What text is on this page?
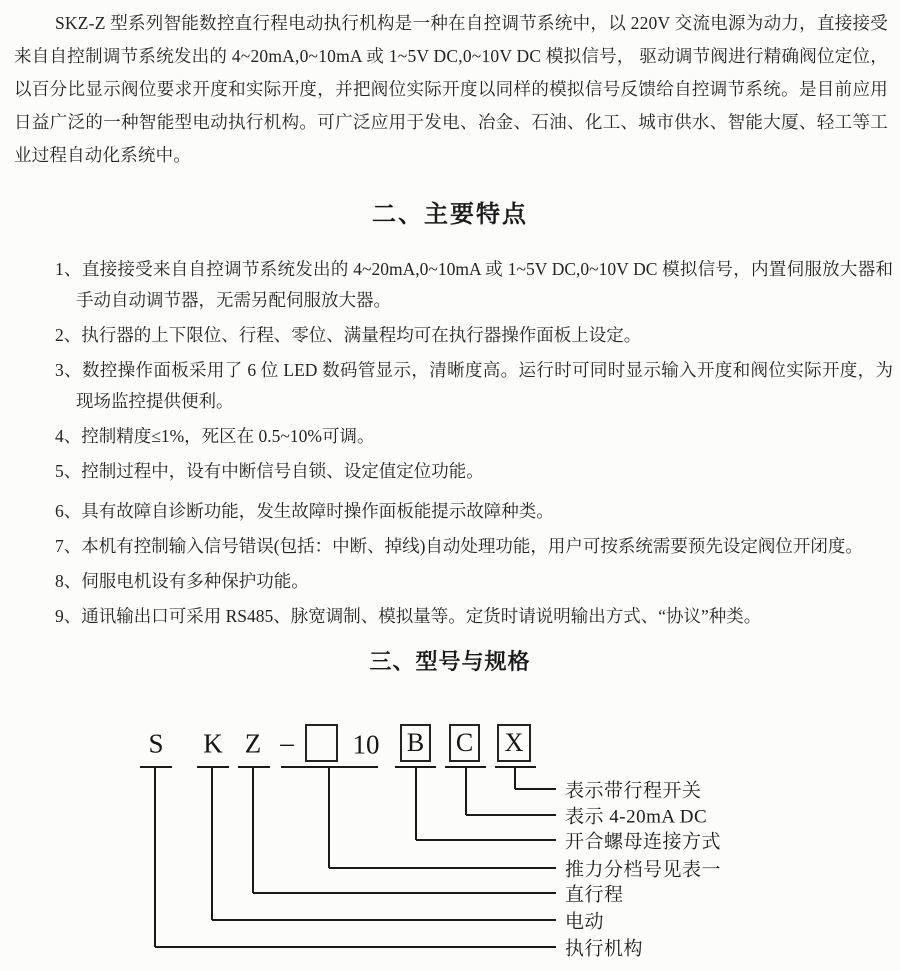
SKZ-Z 型系列智能数控直行程电动执行机构是一种在自控调节系统中，以 220V 交流电源为动力，直接接受来自自控制调节系统发出的 4~20mA,0~10mA 或 1~5V DC,0~10V DC 模拟信号， 驱动调节阀进行精确阀位定位，以百分比显示阀位要求开度和实际开度，并把阀位实际开度以同样的模拟信号反馈给自控调节系统。是目前应用日益广泛的一种智能型电动执行机构。可广泛应用于发电、冶金、石油、化工、城市供水、智能大厦、轻工等工业过程自动化系统中。

二、主要特点
1、直接接受来自自控调节系统发出的 4~20mA,0~10mA 或 1~5V DC,0~10V DC 模拟信号，内置伺服放大器和手动自动调节器，无需另配伺服放大器。
2、执行器的上下限位、行程、零位、满量程均可在执行器操作面板上设定。
3、数控操作面板采用了 6 位 LED 数码管显示，清晰度高。运行时可同时显示输入开度和阀位实际开度，为现场监控提供便利。
4、控制精度≤1%，死区在 0.5~10%可调。
5、控制过程中，设有中断信号自锁、设定值定位功能。
6、具有故障自诊断功能，发生故障时操作面板能提示故障种类。
7、本机有控制输入信号错误(包括：中断、掉线)自动处理功能，用户可按系统需要预先设定阀位开闭度。
8、伺服电机设有多种保护功能。
9、通讯输出口可采用 RS485、脉宽调制、模拟量等。定货时请说明输出方式、“协议”种类。
三、型号与规格
S K Z – 10 B C X
表示带行程开关
表示 4-20mA DC
开合螺母连接方式
推力分档号见表一
直行程
电动
执行机构
